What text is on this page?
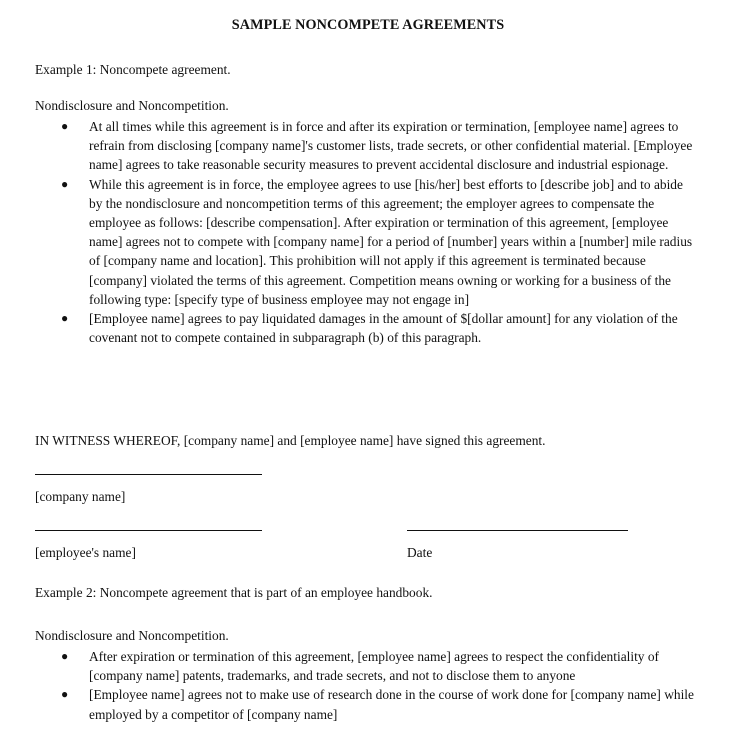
SAMPLE NONCOMPETE AGREEMENTS
Example 1: Noncompete agreement.
Nondisclosure and Noncompetition.
● At all times while this agreement is in force and after its expiration or termination, [employee name] agrees to refrain from disclosing [company name]'s customer lists, trade secrets, or other confidential material. [Employee name] agrees to take reasonable security measures to prevent accidental disclosure and industrial espionage.
● While this agreement is in force, the employee agrees to use [his/her] best efforts to [describe job] and to abide by the nondisclosure and noncompetition terms of this agreement; the employer agrees to compensate the employee as follows: [describe compensation]. After expiration or termination of this agreement, [employee name] agrees not to compete with [company name] for a period of [number] years within a [number] mile radius of [company name and location]. This prohibition will not apply if this agreement is terminated because [company] violated the terms of this agreement. Competition means owning or working for a business of the following type: [specify type of business employee may not engage in]
● [Employee name] agrees to pay liquidated damages in the amount of $[dollar amount] for any violation of the covenant not to compete contained in subparagraph (b) of this paragraph.
IN WITNESS WHEREOF, [company name] and [employee name] have signed this agreement.
[company name]
[employee's name]	Date
Example 2: Noncompete agreement that is part of an employee handbook.
Nondisclosure and Noncompetition.
● After expiration or termination of this agreement, [employee name] agrees to respect the confidentiality of [company name] patents, trademarks, and trade secrets, and not to disclose them to anyone
● [Employee name] agrees not to make use of research done in the course of work done for [company name] while employed by a competitor of [company name]
